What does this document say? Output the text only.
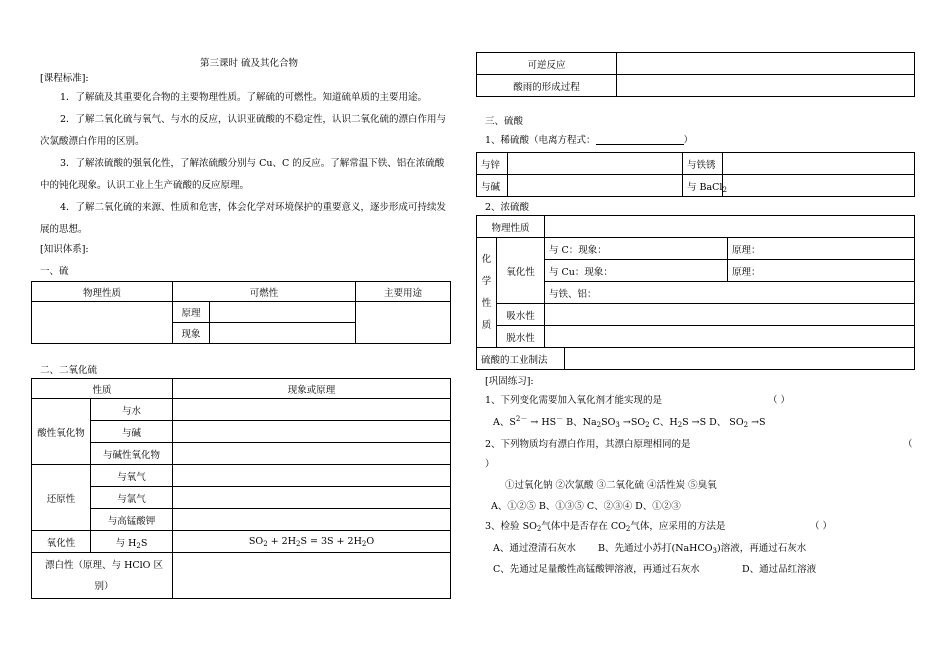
第三课时 硫及其化合物
[课程标准]:
1．了解硫及其重要化合物的主要物理性质。了解硫的可燃性。知道硫单质的主要用途。
2．了解二氧化硫与氧气、与水的反应，认识亚硫酸的不稳定性，认识二氧化硫的漂白作用与
次氯酸漂白作用的区别。
3．了解浓硫酸的强氧化性，了解浓硫酸分别与 Cu、C 的反应。了解常温下铁、铝在浓硫酸
中的钝化现象。认识工业上生产硫酸的反应原理。
4．了解二氧化硫的来源、性质和危害，体会化学对环境保护的重要意义，逐步形成可持续发
展的思想。
[知识体系]:
一、硫
物理性质	可燃性		主要用途
	原理		
	现象		
二、二氧化硫
性质		现象或原理
酸性氧化物	与水	
	与碱	
	与碱性氧化物	
还原性	与氧气	
	与氯气	
	与高锰酸钾	
氧化性	与 $H_2S$	$SO_2 + 2H_2S = 3S + 2H_2O$
漂白性（原理、与 HClO 区别）		
可逆反应	
酸雨的形成过程	
三、硫酸
1、稀硫酸（电离方程式：	）
与锌		与铁锈	
与碱		与 BaCl$_2$	
2、浓硫酸
物理性质			

化
学
性
质	氧化性	与 C：现象：	原理：
		与 Cu：现象：	原理：
		与铁、铝：	
	吸水性		
	脱水性		
硫酸的工业制法	
[巩固练习]:
1、下列变化需要加入氧化剂才能实现的是	（ ）
A、$S^{2-} \to HS^-$ B、$Na_2SO_3 \to SO_2$ C、$H_2S \to S$ D、 $SO_2 \to S$
2、下列物质均有漂白作用，其漂白原理相同的是	（
）
①过氧化钠 ②次氯酸 ③二氧化硫 ④活性炭 ⑤臭氧
A、①②⑤ B、①③⑤ C、②③④ D、①②③
3、检验 $SO_2$气体中是否存在 $CO_2$气体，应采用的方法是	（ ）
A、通过澄清石灰水 B、先通过小苏打(NaHCO$_3$)溶液，再通过石灰水
C、先通过足量酸性高锰酸钾溶液，再通过石灰水	D、通过品红溶液
